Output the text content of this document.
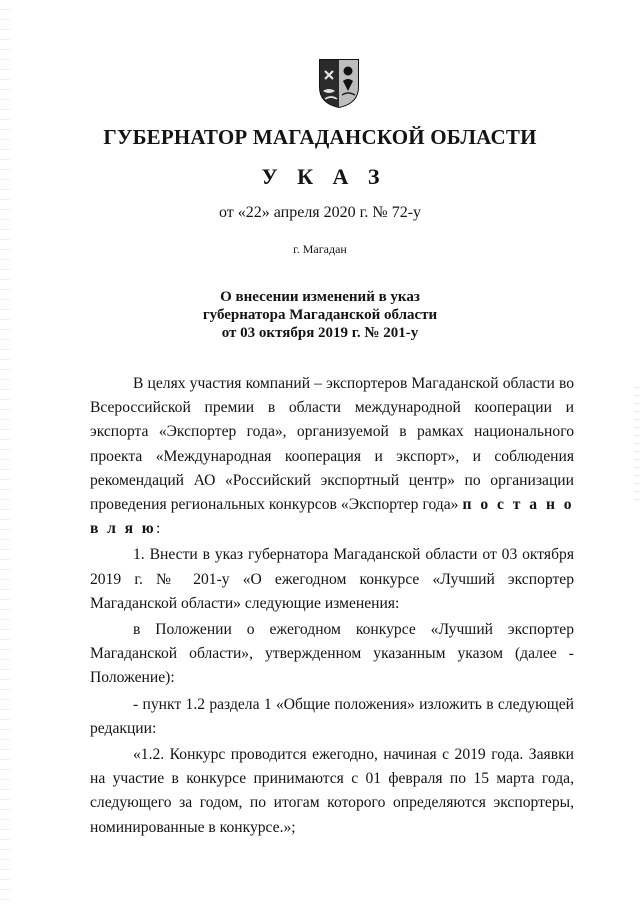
ГУБЕРНАТОР МАГАДАНСКОЙ ОБЛАСТИ
У К А З
от «22» апреля 2020 г. № 72-у
г. Магадан
О внесении изменений в указ
губернатора Магаданской области
от 03 октября 2019 г. № 201-у

В целях участия компаний – экспортеров Магаданской области во Всероссийской премии в области международной кооперации и экспорта «Экспортер года», организуемой в рамках национального проекта «Международная кооперация и экспорт», и соблюдения рекомендаций АО «Российский экспортный центр» по организации проведения региональных конкурсов «Экспортер года» п о с т а н о в л я ю:

1. Внести в указ губернатора Магаданской области от 03 октября 2019 г. № 201-у «О ежегодном конкурсе «Лучший экспортер Магаданской области» следующие изменения:

в Положении о ежегодном конкурсе «Лучший экспортер Магаданской области», утвержденном указанным указом (далее - Положение):

- пункт 1.2 раздела 1 «Общие положения» изложить в следующей редакции:

«1.2. Конкурс проводится ежегодно, начиная с 2019 года. Заявки на участие в конкурсе принимаются с 01 февраля по 15 марта года, следующего за годом, по итогам которого определяются экспортеры, номинированные в конкурсе.»;
